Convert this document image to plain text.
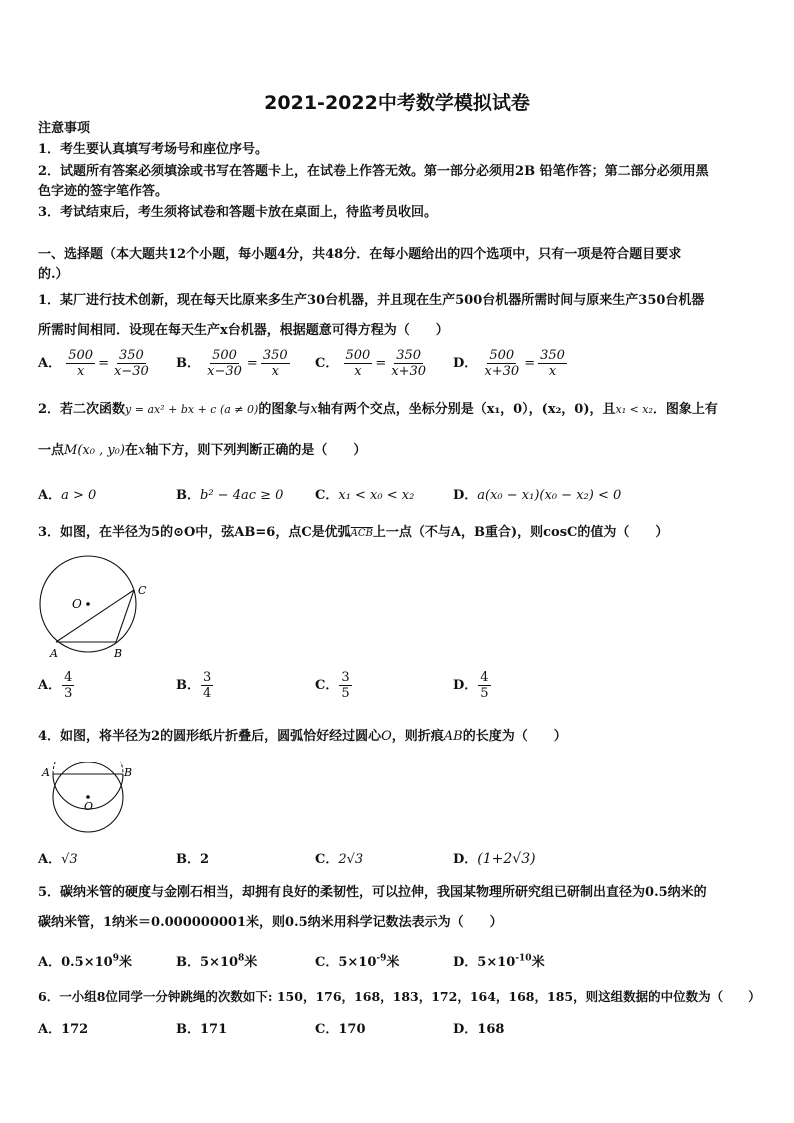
2021-2022中考数学模拟试卷
注意事项
1．考生要认真填写考场号和座位序号。
2．试题所有答案必须填涂或书写在答题卡上，在试卷上作答无效。第一部分必须用2B 铅笔作答；第二部分必须用黑
色字迹的签字笔作答。
3．考试结束后，考生须将试卷和答题卡放在桌面上，待监考员收回。
一、选择题（本大题共12个小题，每小题4分，共48分．在每小题给出的四个选项中，只有一项是符合题目要求
的.）
1．某厂进行技术创新，现在每天比原来多生产30台机器，并且现在生产500台机器所需时间与原来生产350台机器
所需时间相同．设现在每天生产x台机器，根据题意可得方程为（　　）
A． $\frac{500}{x} = \frac{350}{x-30}$ B． $\frac{500}{x-30} = \frac{350}{x}$ C． $\frac{500}{x} = \frac{350}{x+30}$ D． $\frac{500}{x+30} = \frac{350}{x}$
2．若二次函数y = ax² + bx + c (a ≠ 0)的图象与x轴有两个交点，坐标分别是（x₁，0），(x₂，0)，且x₁ < x₂．图象上有
一点M(x₀ , y₀)在x轴下方，则下列判断正确的是（　　）
A．a > 0	B．b² − 4ac ≥ 0 C．x₁ < x₀ < x₂	D．a(x₀ − x₁)(x₀ − x₂) < 0
3．如图，在半径为5的⊙O中，弦AB=6，点C是优弧$\overline{ACB}$上一点（不与A，B重合)，则cosC的值为（　　）
O
A	B
C
A． $\frac{4}{3}$	B． $\frac{3}{4}$	C． $\frac{3}{5}$	D． $\frac{4}{5}$
4．如图，将半径为2的圆形纸片折叠后，圆弧恰好经过圆心O，则折痕AB的长度为（　　）
A	B
O
A．√3	B．2	C．2√3	D．(1+2√3)
5．碳纳米管的硬度与金刚石相当，却拥有良好的柔韧性，可以拉伸，我国某物理所研究组已研制出直径为0.5纳米的
碳纳米管，1纳米＝0.000000001米，则0.5纳米用科学记数法表示为（　　）
A．$0.5\times 10^9$米	B．$5\times 10^8$米	C．$5\times 10^{-9}$米	D．$5\times 10^{-10}$米
6．一小组8位同学一分钟跳绳的次数如下: 150，176，168，183，172，164，168，185，则这组数据的中位数为（　　）
A．172	B．171	C．170	D．168
